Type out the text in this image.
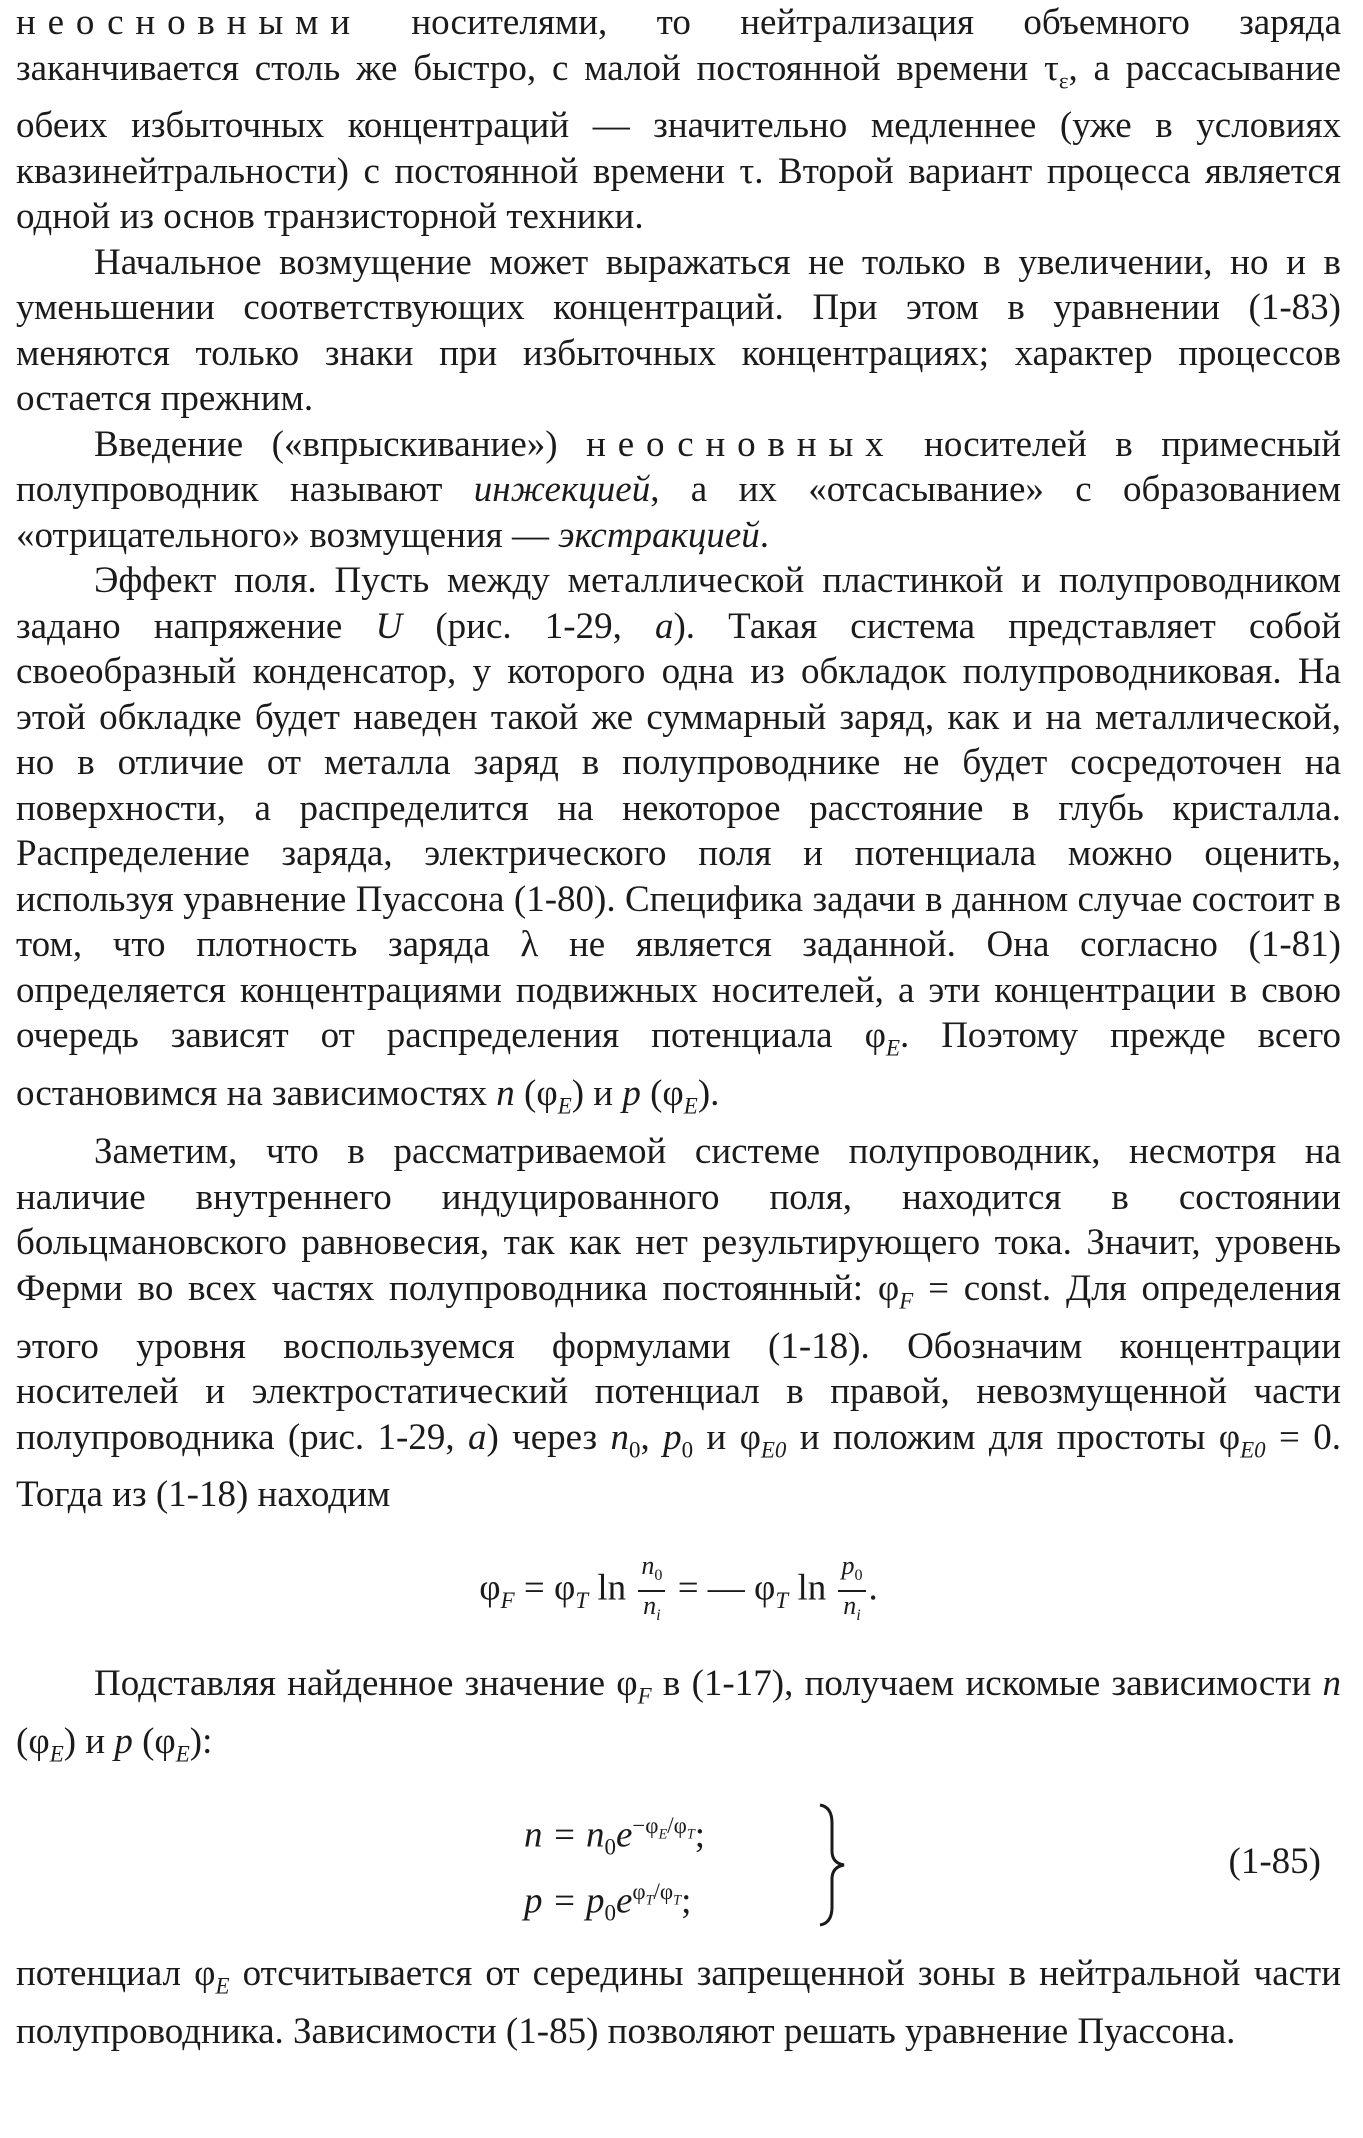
неосновными носителями, то нейтрализация объемного заряда заканчивается столь же быстро, с малой постоянной времени $\tau_\varepsilon$, а рассасывание обеих избыточных концентраций — значительно медленнее (уже в условиях квазинейтральности) с постоянной времени τ. Второй вариант процесса является одной из основ транзисторной техники.

Начальное возмущение может выражаться не только в увеличении, но и в уменьшении соответствующих концентраций. При этом в уравнении (1-83) меняются только знаки при избыточных концентрациях; характер процессов остается прежним.

Введение («впрыскивание») неосновных носителей в примесный полупроводник называют инжекцией, а их «отсасывание» с образованием «отрицательного» возмущения — экстракцией.

Эффект поля. Пусть между металлической пластинкой и полупроводником задано напряжение U (рис. 1-29, а). Такая система представляет собой своеобразный конденсатор, у которого одна из обкладок полупроводниковая. На этой обкладке будет наведен такой же суммарный заряд, как и на металлической, но в отличие от металла заряд в полупроводнике не будет сосредоточен на поверхности, а распределится на некоторое расстояние в глубь кристалла. Распределение заряда, электрического поля и потенциала можно оценить, используя уравнение Пуассона (1-80). Специфика задачи в данном случае состоит в том, что плотность заряда λ не является заданной. Она согласно (1-81) определяется концентрациями подвижных носителей, а эти концентрации в свою очередь зависят от распределения потенциала $\varphi_E$. Поэтому прежде всего остановимся на зависимостях n $(\varphi_E)$ и p $(\varphi_E)$.

Заметим, что в рассматриваемой системе полупроводник, несмотря на наличие внутреннего индуцированного поля, находится в состоянии больцмановского равновесия, так как нет результирующего тока. Значит, уровень Ферми во всех частях полупроводника постоянный: $\varphi_F$ = const. Для определения этого уровня воспользуемся формулами (1-18). Обозначим концентрации носителей и электростатический потенциал в правой, невозмущенной части полупроводника (рис. 1-29, а) через $n_0$, $p_0$ и $\varphi_{E0}$ и положим для простоты $\varphi_{E0} = 0$. Тогда из (1-18) находим

$\varphi_F = \varphi_T$ $\ln \frac{n_0}{n_i}$ = — $\varphi_T$ $\ln \frac{p_0}{n_i}$ .

Подставляя найденное значение $\varphi_F$ в (1-17), получаем искомые зависимости n $(\varphi_E)$ и p $(\varphi_E)$:

$n = n_0e^{-\varphi_E/\varphi_T}$;
$p = p_0e^{\varphi_T/\varphi_T}$;
(1-85)

потенциал $\varphi_E$ отсчитывается от середины запрещенной зоны в нейтральной части полупроводника. Зависимости (1-85) позволяют решать уравнение Пуассона.
